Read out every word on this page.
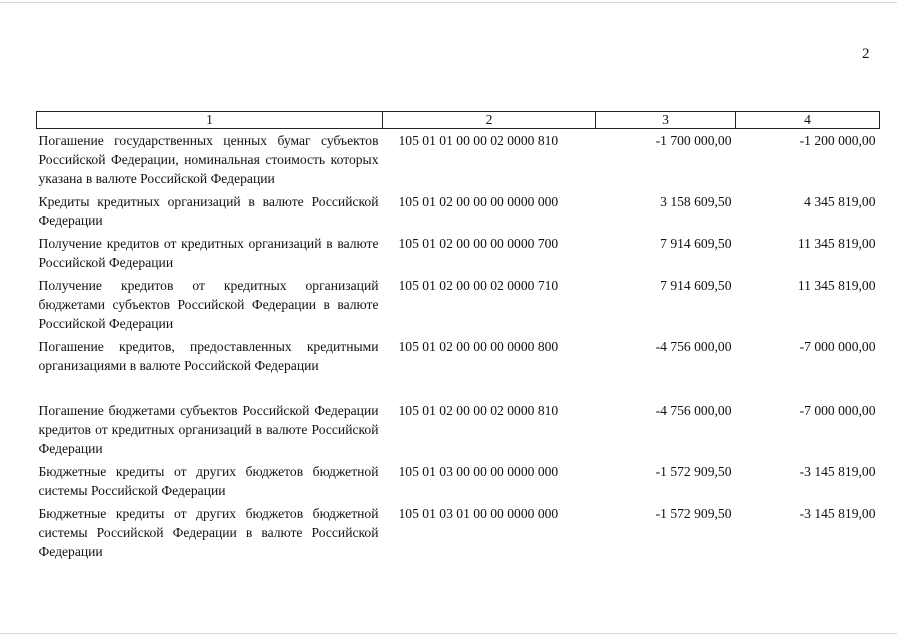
2
1	2	3	4
Погашение государственных ценных бумаг субъектов Российской Федерации, номинальная стоимость которых указана в валюте Российской Федерации	105 01 01 00 00 02 0000 810	-1 700 000,00	-1 200 000,00
Кредиты кредитных организаций в валюте Российской Федерации	105 01 02 00 00 00 0000 000	3 158 609,50	4 345 819,00
Получение кредитов от кредитных организаций в валюте Российской Федерации	105 01 02 00 00 00 0000 700	7 914 609,50	11 345 819,00
Получение кредитов от кредитных организаций бюджетами субъектов Российской Федерации в валюте Российской Федерации	105 01 02 00 00 02 0000 710	7 914 609,50	11 345 819,00
Погашение кредитов, предоставленных кредитными организациями в валюте Российской Федерации	105 01 02 00 00 00 0000 800	-4 756 000,00	-7 000 000,00
Погашение бюджетами субъектов Российской Федерации кредитов от кредитных организаций в валюте Российской Федерации	105 01 02 00 00 02 0000 810	-4 756 000,00	-7 000 000,00
Бюджетные кредиты от других бюджетов бюджетной системы Российской Федерации	105 01 03 00 00 00 0000 000	-1 572 909,50	-3 145 819,00
Бюджетные кредиты от других бюджетов бюджетной системы Российской Федерации в валюте Российской Федерации	105 01 03 01 00 00 0000 000	-1 572 909,50	-3 145 819,00
